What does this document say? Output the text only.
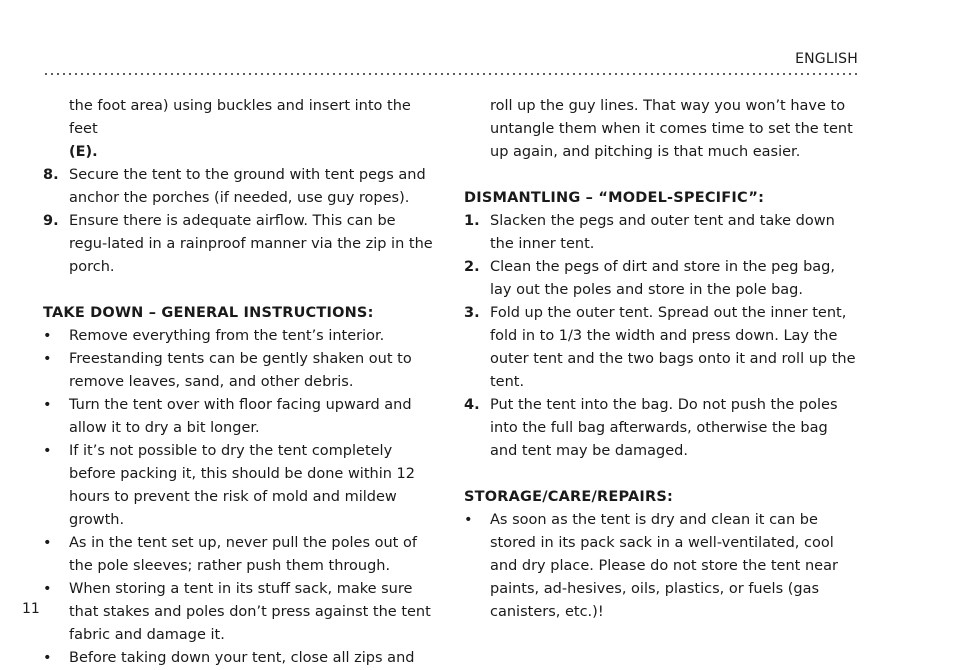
ENGLISH
the foot area) using buckles and insert into the feet
(E).
8. Secure the tent to the ground with tent pegs and anchor the porches (if needed, use guy ropes).
9. Ensure there is adequate airflow. This can be regu-lated in a rainproof manner via the zip in the porch.
TAKE DOWN – GENERAL INSTRUCTIONS:
•	Remove everything from the tent’s interior.
•	Freestanding tents can be gently shaken out to remove leaves, sand, and other debris.
•	Turn the tent over with floor facing upward and allow it to dry a bit longer.
•	If it’s not possible to dry the tent completely before packing it, this should be done within 12 hours to prevent the risk of mold and mildew growth.
•	As in the tent set up, never pull the poles out of the pole sleeves; rather push them through.
•	When storing a tent in its stuff sack, make sure that stakes and poles don’t press against the tent fabric and damage it.
•	Before taking down your tent, close all zips and
roll up the guy lines. That way you won’t have to untangle them when it comes time to set the tent up again, and pitching is that much easier.
DISMANTLING – “MODEL-SPECIFIC”:
1. Slacken the pegs and outer tent and take down the inner tent.
2. Clean the pegs of dirt and store in the peg bag, lay out the poles and store in the pole bag.
3. Fold up the outer tent. Spread out the inner tent, fold in to 1/3 the width and press down. Lay the outer tent and the two bags onto it and roll up the tent.
4. Put the tent into the bag. Do not push the poles into the full bag afterwards, otherwise the bag and tent may be damaged.
STORAGE/CARE/REPAIRS:
•	As soon as the tent is dry and clean it can be stored in its pack sack in a well-ventilated, cool and dry place. Please do not store the tent near paints, ad-hesives, oils, plastics, or fuels (gas canisters, etc.)!
11
